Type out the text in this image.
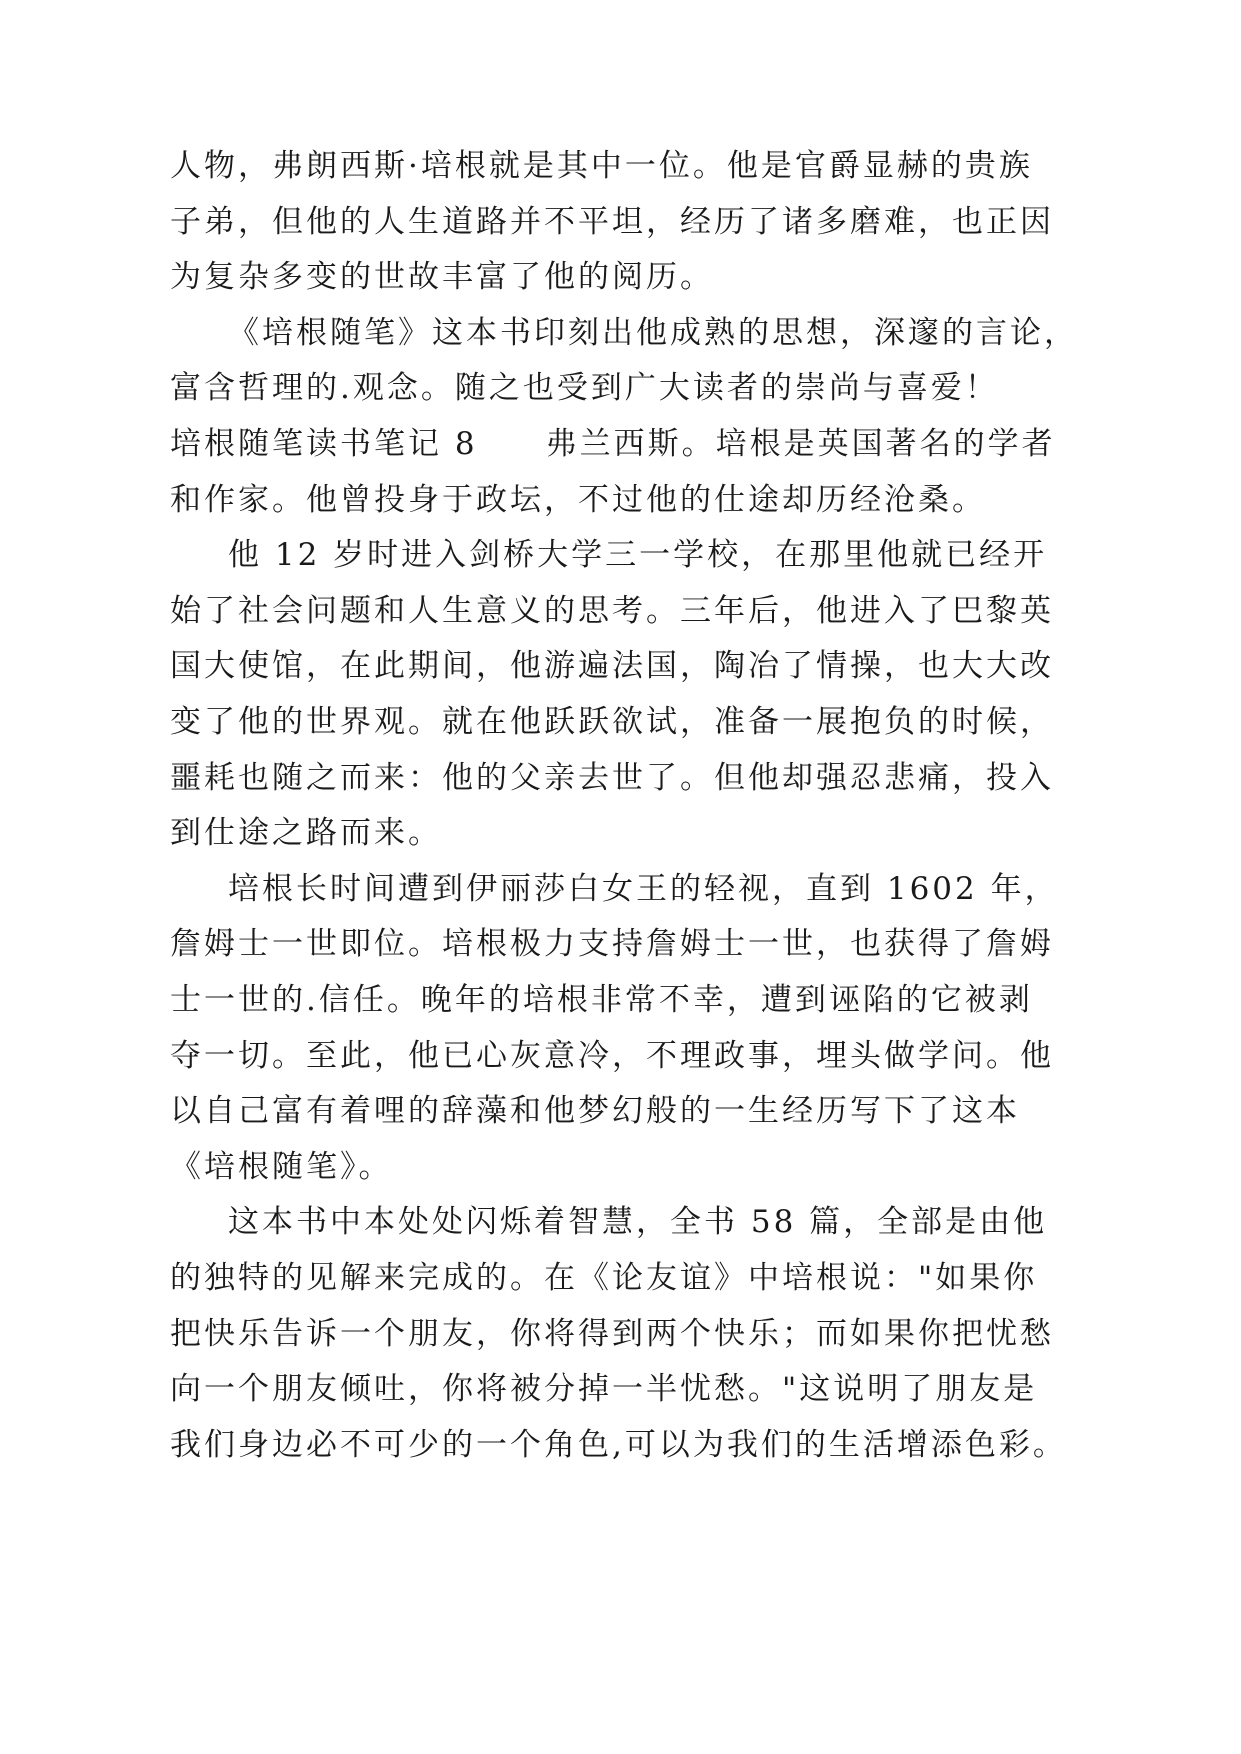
人物，弗朗西斯·培根就是其中一位。他是官爵显赫的贵族
子弟，但他的人生道路并不平坦，经历了诸多磨难，也正因
为复杂多变的世故丰富了他的阅历。
《培根随笔》这本书印刻出他成熟的思想，深邃的言论，
富含哲理的.观念。随之也受到广大读者的崇尚与喜爱！
培根随笔读书笔记 8　　弗兰西斯。培根是英国著名的学者
和作家。他曾投身于政坛，不过他的仕途却历经沧桑。
他 12 岁时进入剑桥大学三一学校，在那里他就已经开
始了社会问题和人生意义的思考。三年后，他进入了巴黎英
国大使馆，在此期间，他游遍法国，陶冶了情操，也大大改
变了他的世界观。就在他跃跃欲试，准备一展抱负的时候，
噩耗也随之而来：他的父亲去世了。但他却强忍悲痛，投入
到仕途之路而来。
培根长时间遭到伊丽莎白女王的轻视，直到 1602 年，
詹姆士一世即位。培根极力支持詹姆士一世，也获得了詹姆
士一世的.信任。晚年的培根非常不幸，遭到诬陷的它被剥
夺一切。至此，他已心灰意冷，不理政事，埋头做学问。他
以自己富有着哩的辞藻和他梦幻般的一生经历写下了这本
《培根随笔》。
这本书中本处处闪烁着智慧，全书 58 篇，全部是由他
的独特的见解来完成的。在《论友谊》中培根说："如果你
把快乐告诉一个朋友，你将得到两个快乐；而如果你把忧愁
向一个朋友倾吐，你将被分掉一半忧愁。"这说明了朋友是
我们身边必不可少的一个角色,可以为我们的生活增添色彩。
